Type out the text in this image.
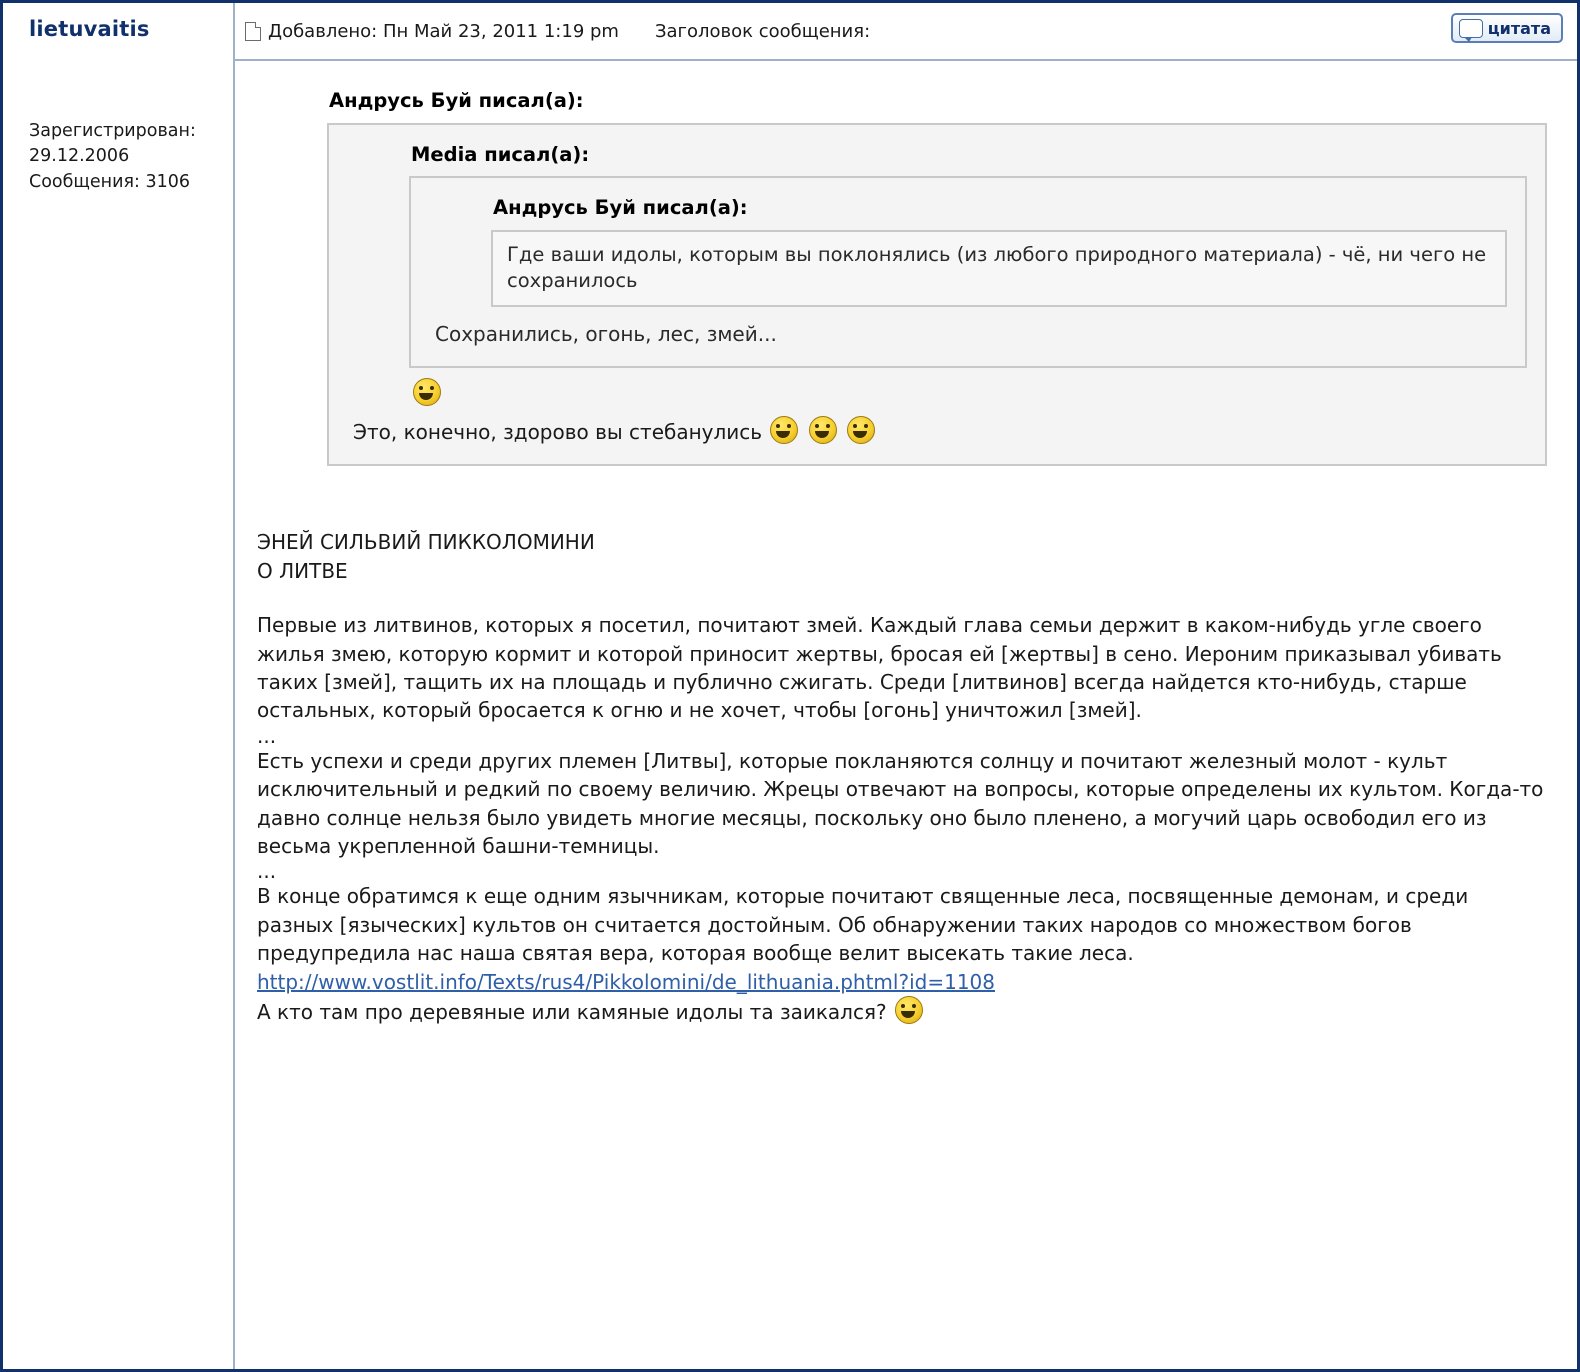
lietuvaitis
Зарегистрирован:
29.12.2006
Сообщения: 3106
Добавлено: Пн Май 23, 2011 1:19 pm Заголовок сообщения:	цитата
Андрусь Буй писал(а):
Media писал(а):
Андрусь Буй писал(а):
Где ваши идолы, которым вы поклонялись (из любого природного материала) - чё, ни чего не сохранилось
Сохранились, огонь, лес, змей...
Это, конечно, здорово вы стебанулись

ЭНЕЙ СИЛЬВИЙ ПИККОЛОМИНИ

О ЛИТВЕ

Первые из литвинов, которых я посетил, почитают змей. Каждый глава семьи держит в каком-нибудь угле своего жилья змею, которую кормит и которой приносит жертвы, бросая ей [жертвы] в сено. Иероним приказывал убивать таких [змей], тащить их на площадь и публично сжигать. Среди [литвинов] всегда найдется кто-нибудь, старше остальных, который бросается к огню и не хочет, чтобы [огонь] уничтожил [змей].

...

Есть успехи и среди других племен [Литвы], которые покланяются солнцу и почитают железный молот - культ исключительный и редкий по своему величию. Жрецы отвечают на вопросы, которые определены их культом. Когда-то давно солнце нельзя было увидеть многие месяцы, поскольку оно было пленено, а могучий царь освободил его из весьма укрепленной башни-темницы.

...

В конце обратимся к еще одним язычникам, которые почитают священные леса, посвященные демонам, и среди разных [языческих] культов он считается достойным. Об обнаружении таких народов со множеством богов предупредила нас наша святая вера, которая вообще велит высекать такие леса.

http://www.vostlit.info/Texts/rus4/Pikkolomini/de_lithuania.phtml?id=1108

А кто там про деревяные или камяные идолы та заикался?
